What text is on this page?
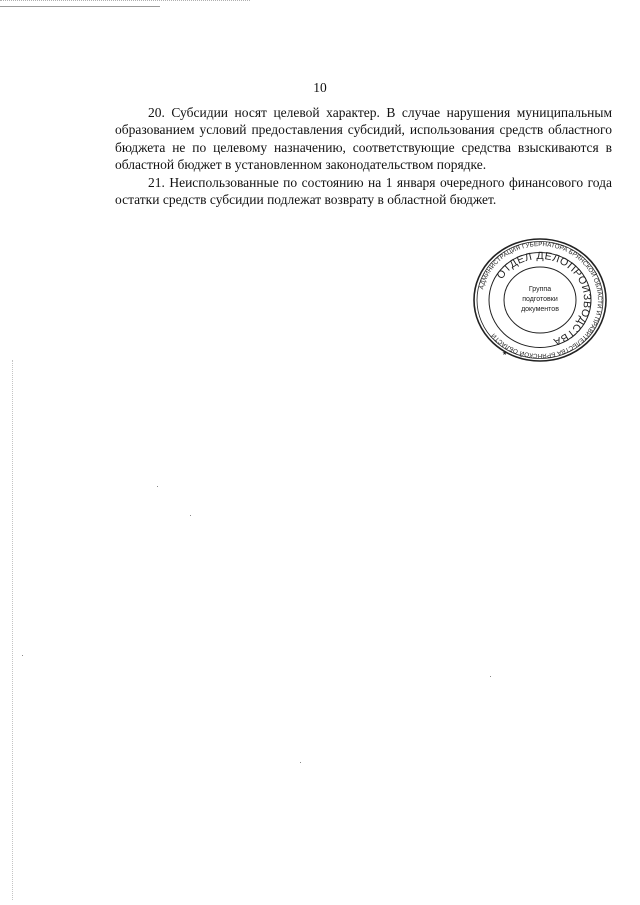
10

20. Субсидии носят целевой характер. В случае нарушения муниципальным образованием условий предоставления субсидий, использования средств областного бюджета не по целевому назначению, соответствующие средства взыскиваются в областной бюджет в установленном законодательством порядке.

21. Неиспользованные по состоянию на 1 января очередного финансового года остатки средств субсидии подлежат возврату в областной бюджет.

АДМИНИСТРАЦИЯ ГУБЕРНАТОРА БРЯНСКОЙ ОБЛАСТИ И ПРАВИТЕЛЬСТВА БРЯНСКОЙ ОБЛАСТИ
ОТДЕЛ ДЕЛОПРОИЗВОДСТВА
Группа
подготовки
документов
★
